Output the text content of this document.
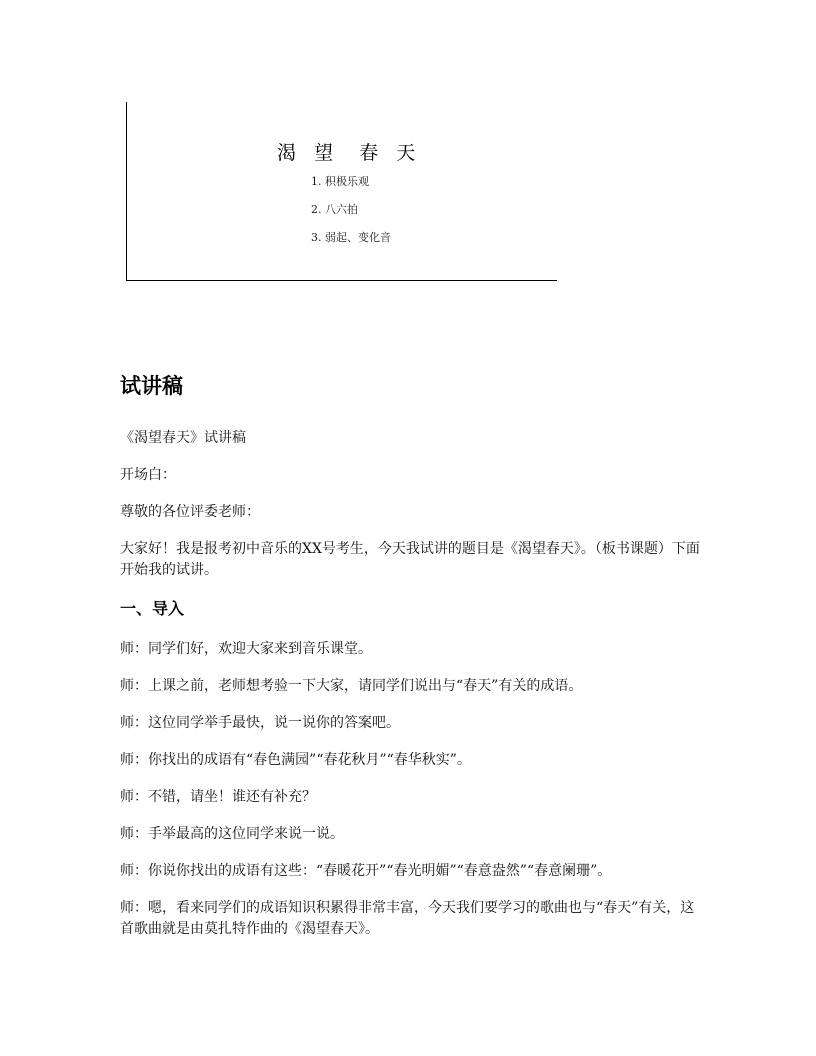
渴  望   春  天
1. 积极乐观
2. 八六拍
3. 弱起、变化音
试讲稿

《渴望春天》试讲稿

开场白：

尊敬的各位评委老师：

大家好！我是报考初中音乐的XX号考生，今天我试讲的题目是《渴望春天》。（板书课题）下面开始我的试讲。

一、导入

师：同学们好，欢迎大家来到音乐课堂。

师：上课之前，老师想考验一下大家，请同学们说出与“春天”有关的成语。

师：这位同学举手最快，说一说你的答案吧。

师：你找出的成语有“春色满园”“春花秋月”“春华秋实”。

师：不错，请坐！谁还有补充？

师：手举最高的这位同学来说一说。

师：你说你找出的成语有这些：“春暖花开”“春光明媚”“春意盎然”“春意阑珊”。

师：嗯，看来同学们的成语知识积累得非常丰富，今天我们要学习的歌曲也与“春天”有关，这首歌曲就是由莫扎特作曲的《渴望春天》。
